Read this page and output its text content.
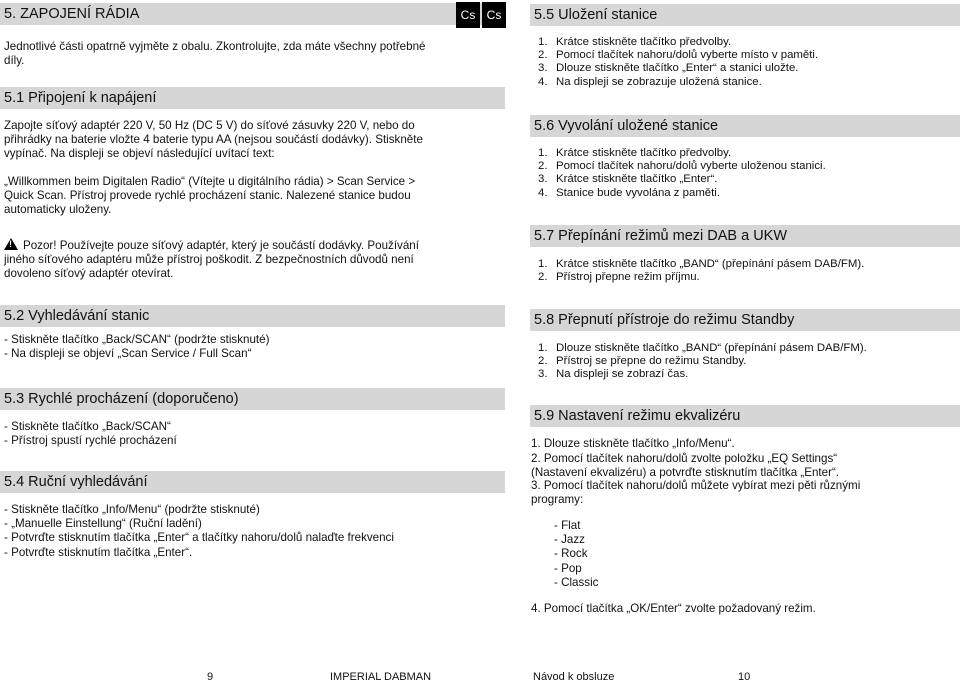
5. ZAPOJENÍ RÁDIA

Jednotlivé části opatrně vyjměte z obalu. Zkontrolujte, zda máte všechny potřebné díly.

5.1 Připojení k napájení

Zapojte síťový adaptér 220 V, 50 Hz (DC 5 V) do síťové zásuvky 220 V, nebo do přihrádky na baterie vložte 4 baterie typu AA (nejsou součástí dodávky). Stiskněte vypínač. Na displeji se objeví následující uvítací text:

„Willkommen beim Digitalen Radio“ (Vítejte u digitálního rádia) > Scan Service > Quick Scan. Přístroj provede rychlé procházení stanic. Nalezené stanice budou automaticky uloženy.

!Pozor! Používejte pouze síťový adaptér, který je součástí dodávky. Používání jiného síťového adaptéru může přístroj poškodit. Z bezpečnostních důvodů není dovoleno síťový adaptér otevírat.

5.2 Vyhledávání stanic
- Stiskněte tlačítko „Back/SCAN“ (podržte stisknuté)
- Na displeji se objeví „Scan Service / Full Scan“
5.3 Rychlé procházení (doporučeno)
- Stiskněte tlačítko „Back/SCAN“
- Přístroj spustí rychlé procházení
5.4 Ruční vyhledávání
- Stiskněte tlačítko „Info/Menu“ (podržte stisknuté)
- „Manuelle Einstellung“ (Ruční ladění)
- Potvrďte stisknutím tlačítka „Enter“ a tlačítky nahoru/dolů nalaďte frekvenci
- Potvrďte stisknutím tlačítka „Enter“.
Cs Cs	5.5 Uložení stanice
1. Krátce stiskněte tlačítko předvolby.
2. Pomocí tlačítek nahoru/dolů vyberte místo v paměti.
3. Dlouze stiskněte tlačítko „Enter“ a stanici uložte.
4. Na displeji se zobrazuje uložená stanice.
5.6 Vyvolání uložené stanice
1. Krátce stiskněte tlačítko předvolby.
2. Pomocí tlačítek nahoru/dolů vyberte uloženou stanici.
3. Krátce stiskněte tlačítko „Enter“.
4. Stanice bude vyvolána z paměti.
5.7 Přepínání režimů mezi DAB a UKW
1. Krátce stiskněte tlačítko „BAND“ (přepínání pásem DAB/FM).
2. Přístroj přepne režim příjmu.
5.8 Přepnutí přístroje do režimu Standby
1. Dlouze stiskněte tlačítko „BAND“ (přepínání pásem DAB/FM).
2. Přístroj se přepne do režimu Standby.
3. Na displeji se zobrazí čas.
5.9 Nastavení režimu ekvalizéru

1. Dlouze stiskněte tlačítko „Info/Menu“.

2. Pomocí tlačítek nahoru/dolů zvolte položku „EQ Settings“ (Nastavení ekvalizéru) a potvrďte stisknutím tlačítka „Enter“.

3. Pomocí tlačítek nahoru/dolů můžete vybírat mezi pěti různými programy:

- Flat
- Jazz
- Rock
- Pop
- Classic

4. Pomocí tlačítka „OK/Enter“ zvolte požadovaný režim.

9	IMPERIAL DABMAN	Návod k obsluze	10
